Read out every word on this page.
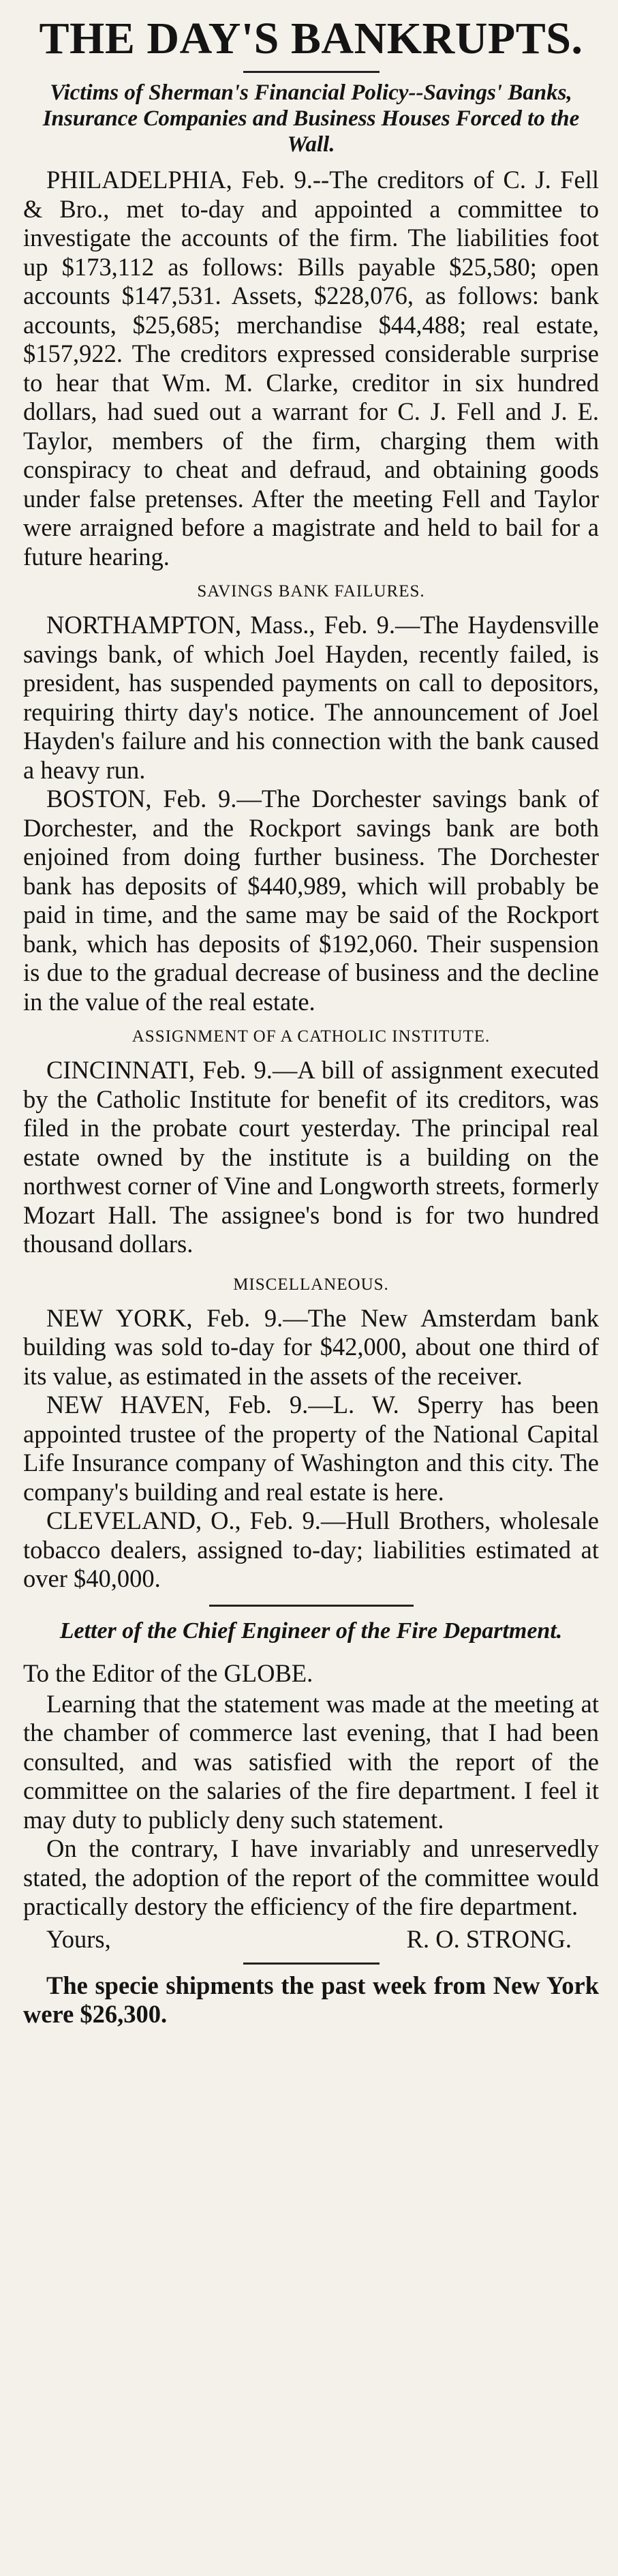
THE DAY'S BANKRUPTS.
Victims of Sherman's Financial Policy--Savings' Banks, Insurance Companies and Business Houses Forced to the Wall.

PHILADELPHIA, Feb. 9.--The creditors of C. J. Fell & Bro., met to-day and appointed a committee to investigate the accounts of the firm. The liabilities foot up $173,112 as follows: Bills payable $25,580; open accounts $147,531. Assets, $228,076, as follows: bank accounts, $25,685; merchandise $44,488; real estate, $157,922. The creditors expressed considerable surprise to hear that Wm. M. Clarke, creditor in six hundred dollars, had sued out a warrant for C. J. Fell and J. E. Taylor, members of the firm, charging them with conspiracy to cheat and defraud, and obtaining goods under false pretenses. After the meeting Fell and Taylor were arraigned before a magistrate and held to bail for a future hearing.

SAVINGS BANK FAILURES.

NORTHAMPTON, Mass., Feb. 9.—The Haydensville savings bank, of which Joel Hayden, recently failed, is president, has suspended payments on call to depositors, requiring thirty day's notice. The announcement of Joel Hayden's failure and his connection with the bank caused a heavy run.

BOSTON, Feb. 9.—The Dorchester savings bank of Dorchester, and the Rockport savings bank are both enjoined from doing further business. The Dorchester bank has deposits of $440,989, which will probably be paid in time, and the same may be said of the Rockport bank, which has deposits of $192,060. Their suspension is due to the gradual decrease of business and the decline in the value of the real estate.

ASSIGNMENT OF A CATHOLIC INSTITUTE.

CINCINNATI, Feb. 9.—A bill of assignment executed by the Catholic Institute for benefit of its creditors, was filed in the probate court yesterday. The principal real estate owned by the institute is a building on the northwest corner of Vine and Longworth streets, formerly Mozart Hall. The assignee's bond is for two hundred thousand dollars.

MISCELLANEOUS.

NEW YORK, Feb. 9.—The New Amsterdam bank building was sold to-day for $42,000, about one third of its value, as estimated in the assets of the receiver.

NEW HAVEN, Feb. 9.—L. W. Sperry has been appointed trustee of the property of the National Capital Life Insurance company of Washington and this city. The company's building and real estate is here.

CLEVELAND, O., Feb. 9.—Hull Brothers, wholesale tobacco dealers, assigned to-day; liabilities estimated at over $40,000.

Letter of the Chief Engineer of the Fire Department.
To the Editor of the GLOBE.

Learning that the statement was made at the meeting at the chamber of commerce last evening, that I had been consulted, and was satisfied with the report of the committee on the salaries of the fire department. I feel it may duty to publicly deny such statement.

On the contrary, I have invariably and unreservedly stated, the adoption of the report of the committee would practically destory the efficiency of the fire department.

Yours,	R. O. STRONG.

The specie shipments the past week from New York were $26,300.
